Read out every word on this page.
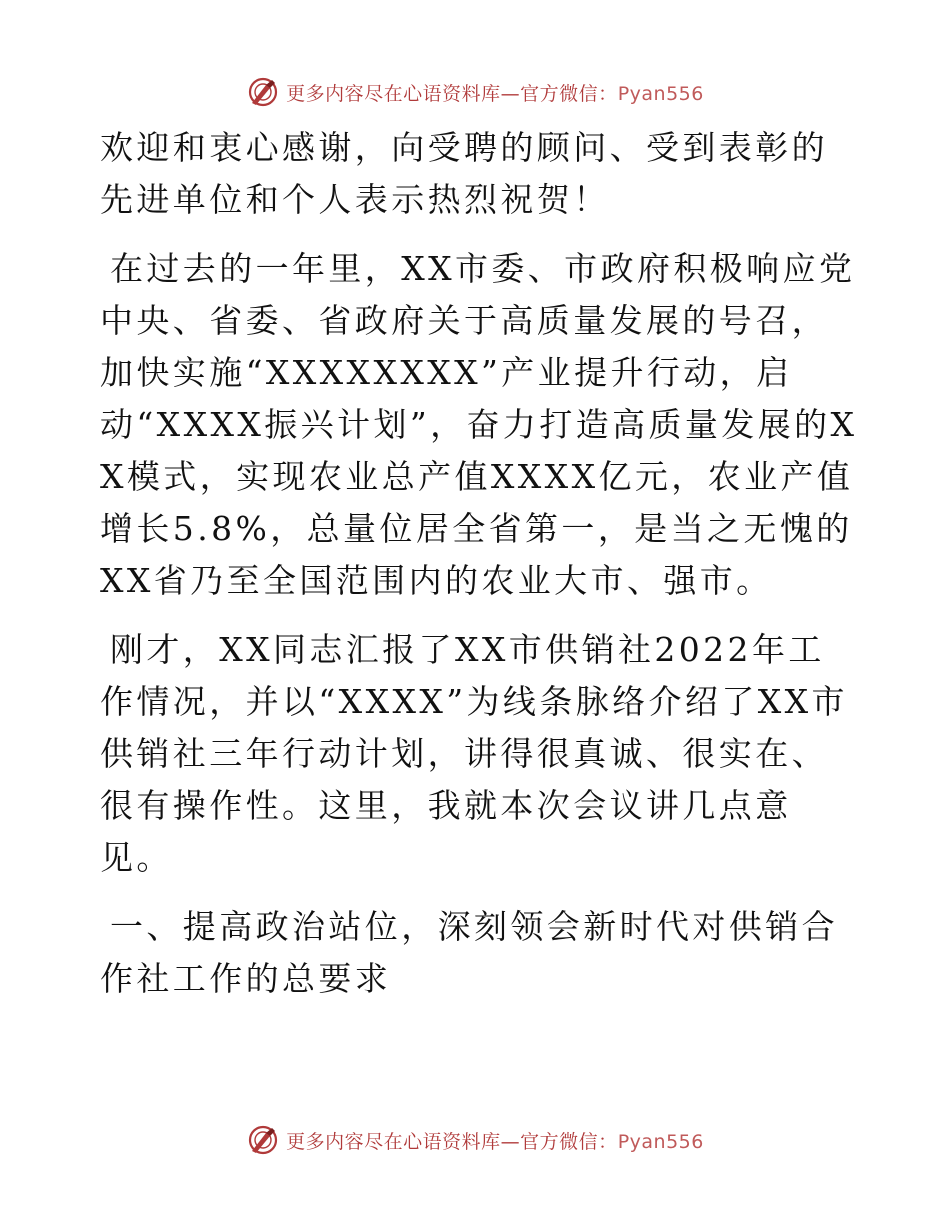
更多内容尽在心语资料库—官方微信：Pyan556

欢迎和衷心感谢，向受聘的顾问、受到表彰的先进单位和个人表示热烈祝贺！

在过去的一年里，XX市委、市政府积极响应党中央、省委、省政府关于高质量发展的号召，加快实施“XXXXXXXX”产业提升行动，启动“XXXX振兴计划”，奋力打造高质量发展的XX模式，实现农业总产值XXXX亿元，农业产值增长5.8%，总量位居全省第一，是当之无愧的XX省乃至全国范围内的农业大市、强市。

刚才，XX同志汇报了XX市供销社2022年工作情况，并以“XXXX”为线条脉络介绍了XX市供销社三年行动计划，讲得很真诚、很实在、很有操作性。这里，我就本次会议讲几点意见。

一、提高政治站位，深刻领会新时代对供销合作社工作的总要求

更多内容尽在心语资料库—官方微信：Pyan556
